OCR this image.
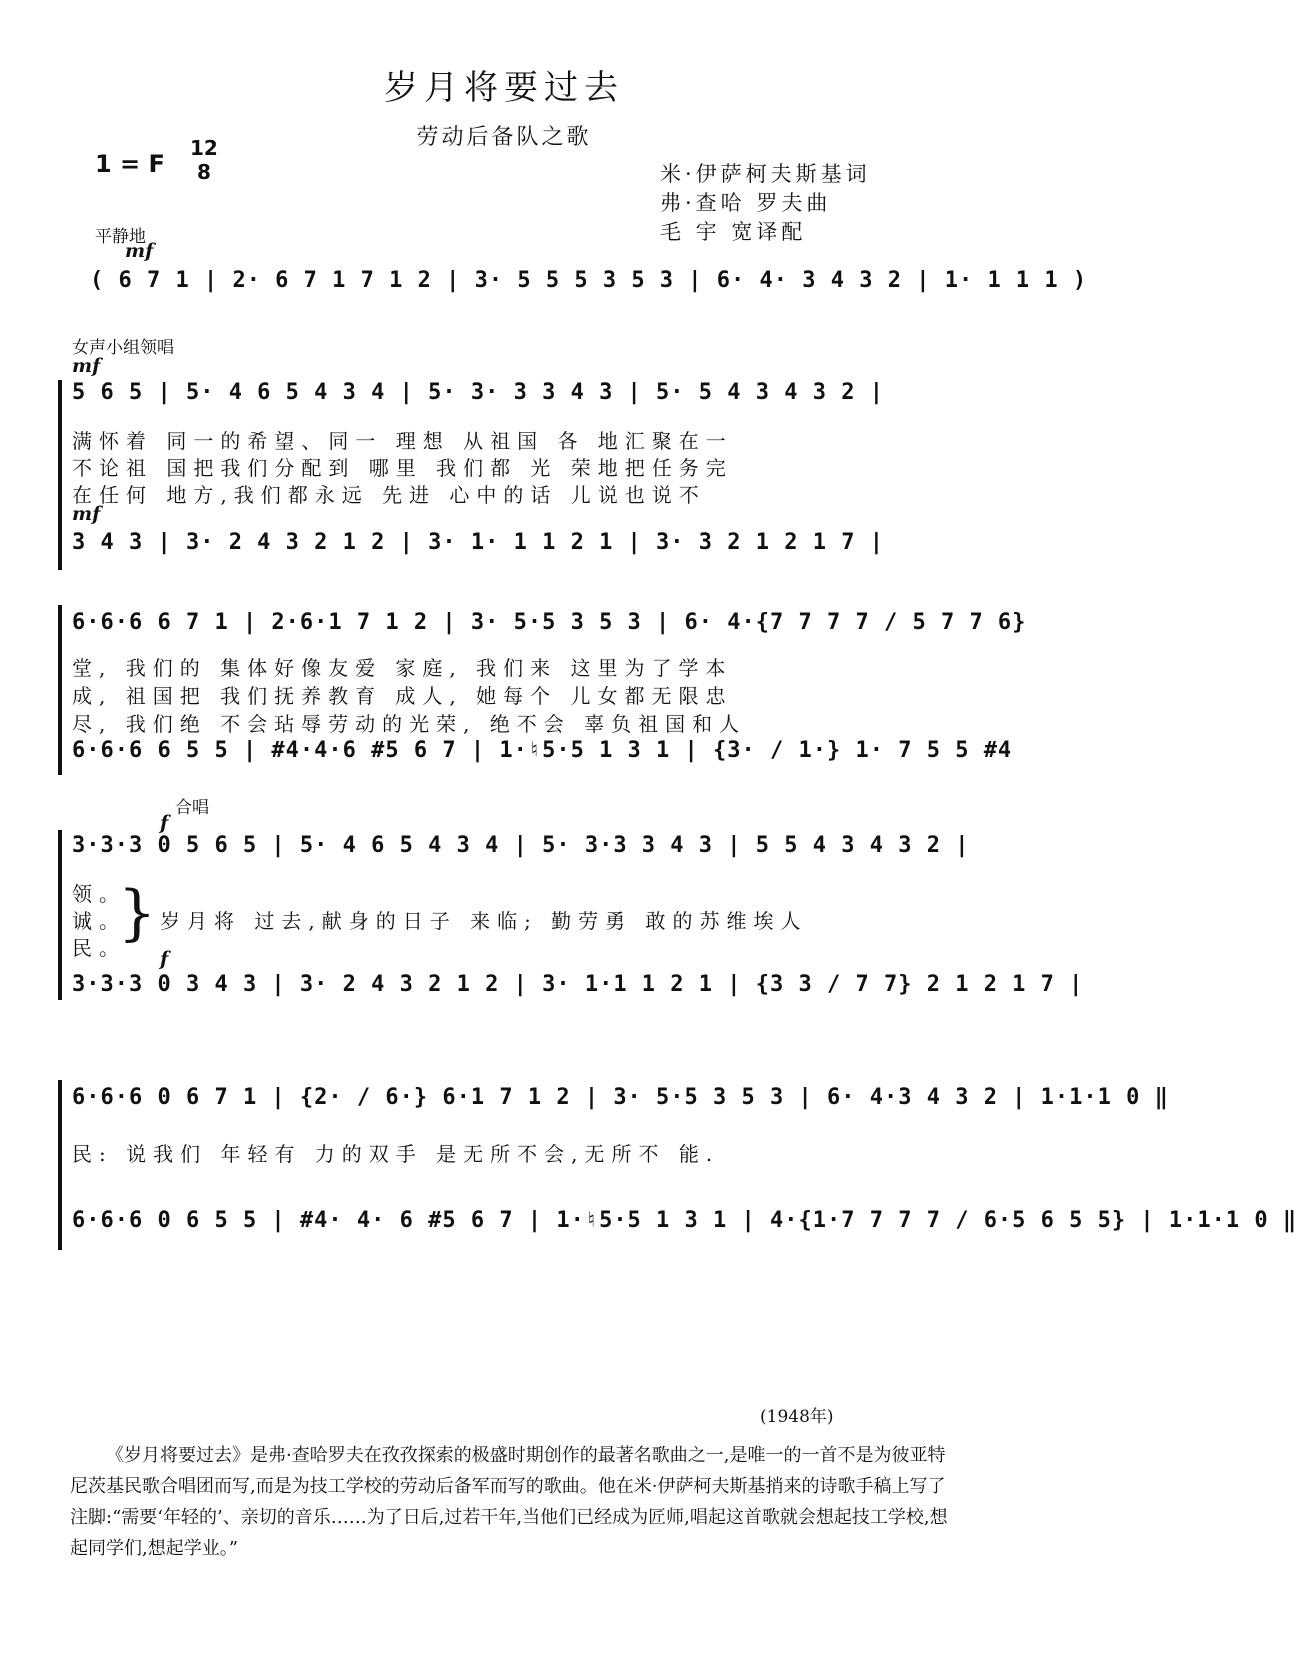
岁月将要过去
劳动后备队之歌
1 = F
12
8	米·伊萨柯夫斯基词
弗·查哈 罗夫曲
毛 宇 宽译配
平静地
mf
( 6 7 1 | 2· 6 7 1 7 1 2 | 3· 5 5 5 3 5 3 | 6· 4· 3 4 3 2 | 1· 1 1 1 )
女声小组领唱
mf
5 6 5 | 5· 4 6 5 4 3 4 | 5· 3· 3 3 4 3 | 5· 5 4 3 4 3 2 |
满怀着 同一的希望、同一 理想 从祖国 各 地汇聚在一
不论祖 国把我们分配到 哪里 我们都 光 荣地把任务完
在任何 地方,我们都永远 先进 心中的话 儿说也说不
mf
3 4 3 | 3· 2 4 3 2 1 2 | 3· 1· 1 1 2 1 | 3· 3 2 1 2 1 7 |
6·6·6 6 7 1 | 2·6·1 7 1 2 | 3· 5·5 3 5 3 | 6· 4·{7 7 7 7 / 5 7 7 6}
堂, 我们的 集体好像友爱 家庭, 我们来 这里为了学本
成, 祖国把 我们抚养教育 成人, 她每个 儿女都无限忠
尽, 我们绝 不会玷辱劳动的光荣, 绝不会 辜负祖国和人
6·6·6 6 5 5 | #4·4·6 #5 6 7 | 1·♮5·5 1 3 1 | {3· / 1·} 1· 7 5 5 #4
合唱
f
3·3·3 0 5 6 5 | 5· 4 6 5 4 3 4 | 5· 3·3 3 4 3 | 5 5 4 3 4 3 2 |
领。
诚。
民。
} 岁月将 过去,献身的日子 来临; 勤劳勇 敢的苏维埃人
f
3·3·3 0 3 4 3 | 3· 2 4 3 2 1 2 | 3· 1·1 1 2 1 | {3 3 / 7 7} 2 1 2 1 7 |
6·6·6 0 6 7 1 | {2· / 6·} 6·1 7 1 2 | 3· 5·5 3 5 3 | 6· 4·3 4 3 2 | 1·1·1 0 ‖
民: 说我们 年轻有 力的双手 是无所不会,无所不 能.
6·6·6 0 6 5 5 | #4· 4· 6 #5 6 7 | 1·♮5·5 1 3 1 | 4·{1·7 7 7 7 / 6·5 6 5 5} | 1·1·1 0 ‖
(1948年)
《岁月将要过去》是弗·查哈罗夫在孜孜探索的极盛时期创作的最著名歌曲之一,是唯一的一首不是为彼亚特尼茨基民歌合唱团而写,而是为技工学校的劳动后备军而写的歌曲。他在米·伊萨柯夫斯基捎来的诗歌手稿上写了注脚:“需要‘年轻的’、亲切的音乐……为了日后,过若干年,当他们已经成为匠师,唱起这首歌就会想起技工学校,想起同学们,想起学业。”
